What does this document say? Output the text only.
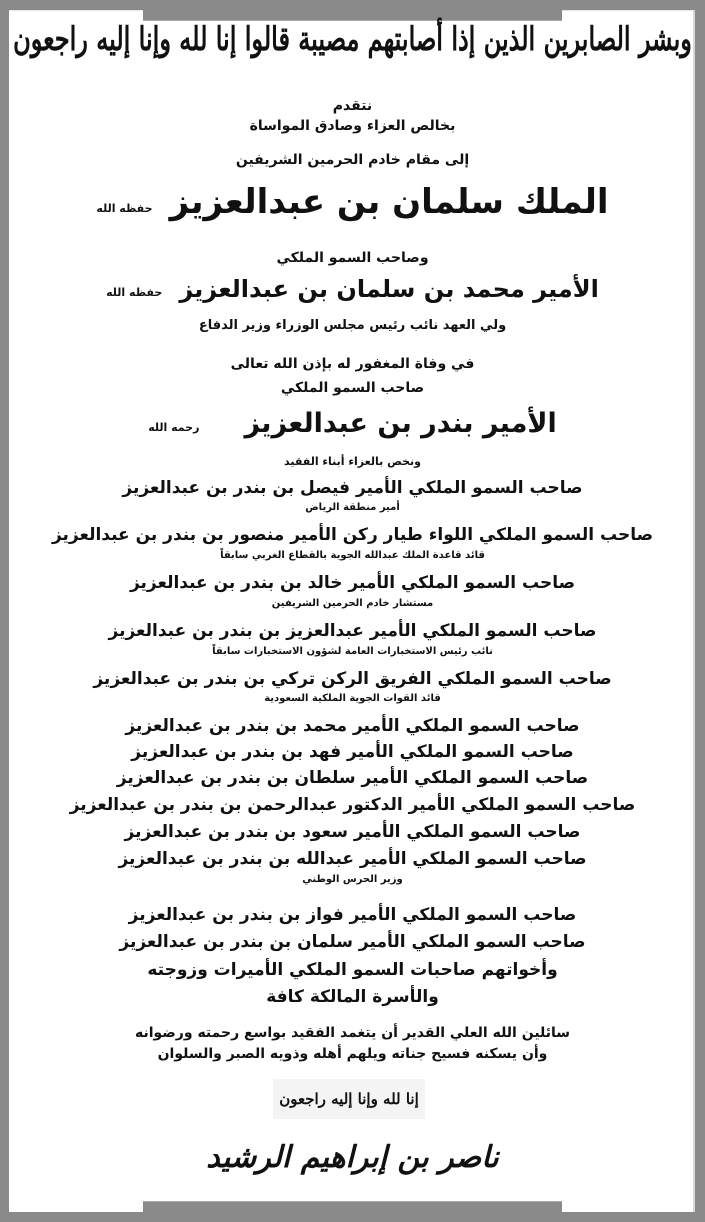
وبشر الصابرين الذين إذا أصابتهم مصيبة قالوا إنا لله وإنا إليه راجعون
نتقدم
بخالص العزاء وصادق المواساة
إلى مقام خادم الحرمين الشريفين
الملك سلمان بن عبدالعزيز حفظه الله
وصاحب السمو الملكي
الأمير محمد بن سلمان بن عبدالعزيز حفظه الله
ولي العهد نائب رئيس مجلس الوزراء وزير الدفاع
في وفاة المغفور له بإذن الله تعالى
صاحب السمو الملكي
الأمير بندر بن عبدالعزيز رحمه الله
ونخص بالعزاء أبناء الفقيد
صاحب السمو الملكي الأمير فيصل بن بندر بن عبدالعزيز
أمير منطقة الرياض
صاحب السمو الملكي اللواء طيار ركن الأمير منصور بن بندر بن عبدالعزيز
قائد قاعدة الملك عبدالله الجوية بالقطاع الغربي سابقاً
صاحب السمو الملكي الأمير خالد بن بندر بن عبدالعزيز
مستشار خادم الحرمين الشريفين
صاحب السمو الملكي الأمير عبدالعزيز بن بندر بن عبدالعزيز
نائب رئيس الاستخبارات العامة لشؤون الاستخبارات سابقاً
صاحب السمو الملكي الفريق الركن تركي بن بندر بن عبدالعزيز
قائد القوات الجوية الملكية السعودية
صاحب السمو الملكي الأمير محمد بن بندر بن عبدالعزيز
صاحب السمو الملكي الأمير فهد بن بندر بن عبدالعزيز
صاحب السمو الملكي الأمير سلطان بن بندر بن عبدالعزيز
صاحب السمو الملكي الأمير الدكتور عبدالرحمن بن بندر بن عبدالعزيز
صاحب السمو الملكي الأمير سعود بن بندر بن عبدالعزيز
صاحب السمو الملكي الأمير عبدالله بن بندر بن عبدالعزيز
وزير الحرس الوطني
صاحب السمو الملكي الأمير فواز بن بندر بن عبدالعزيز
صاحب السمو الملكي الأمير سلمان بن بندر بن عبدالعزيز
وأخواتهم صاحبات السمو الملكي الأميرات وزوجته
والأسرة المالكة كافة
سائلين الله العلي القدير أن يتغمد الفقيد بواسع رحمته ورضوانه
وأن يسكنه فسيح جناته ويلهم أهله وذويه الصبر والسلوان
إنا لله وإنا إليه راجعون
ناصر بن إبراهيم الرشيد
